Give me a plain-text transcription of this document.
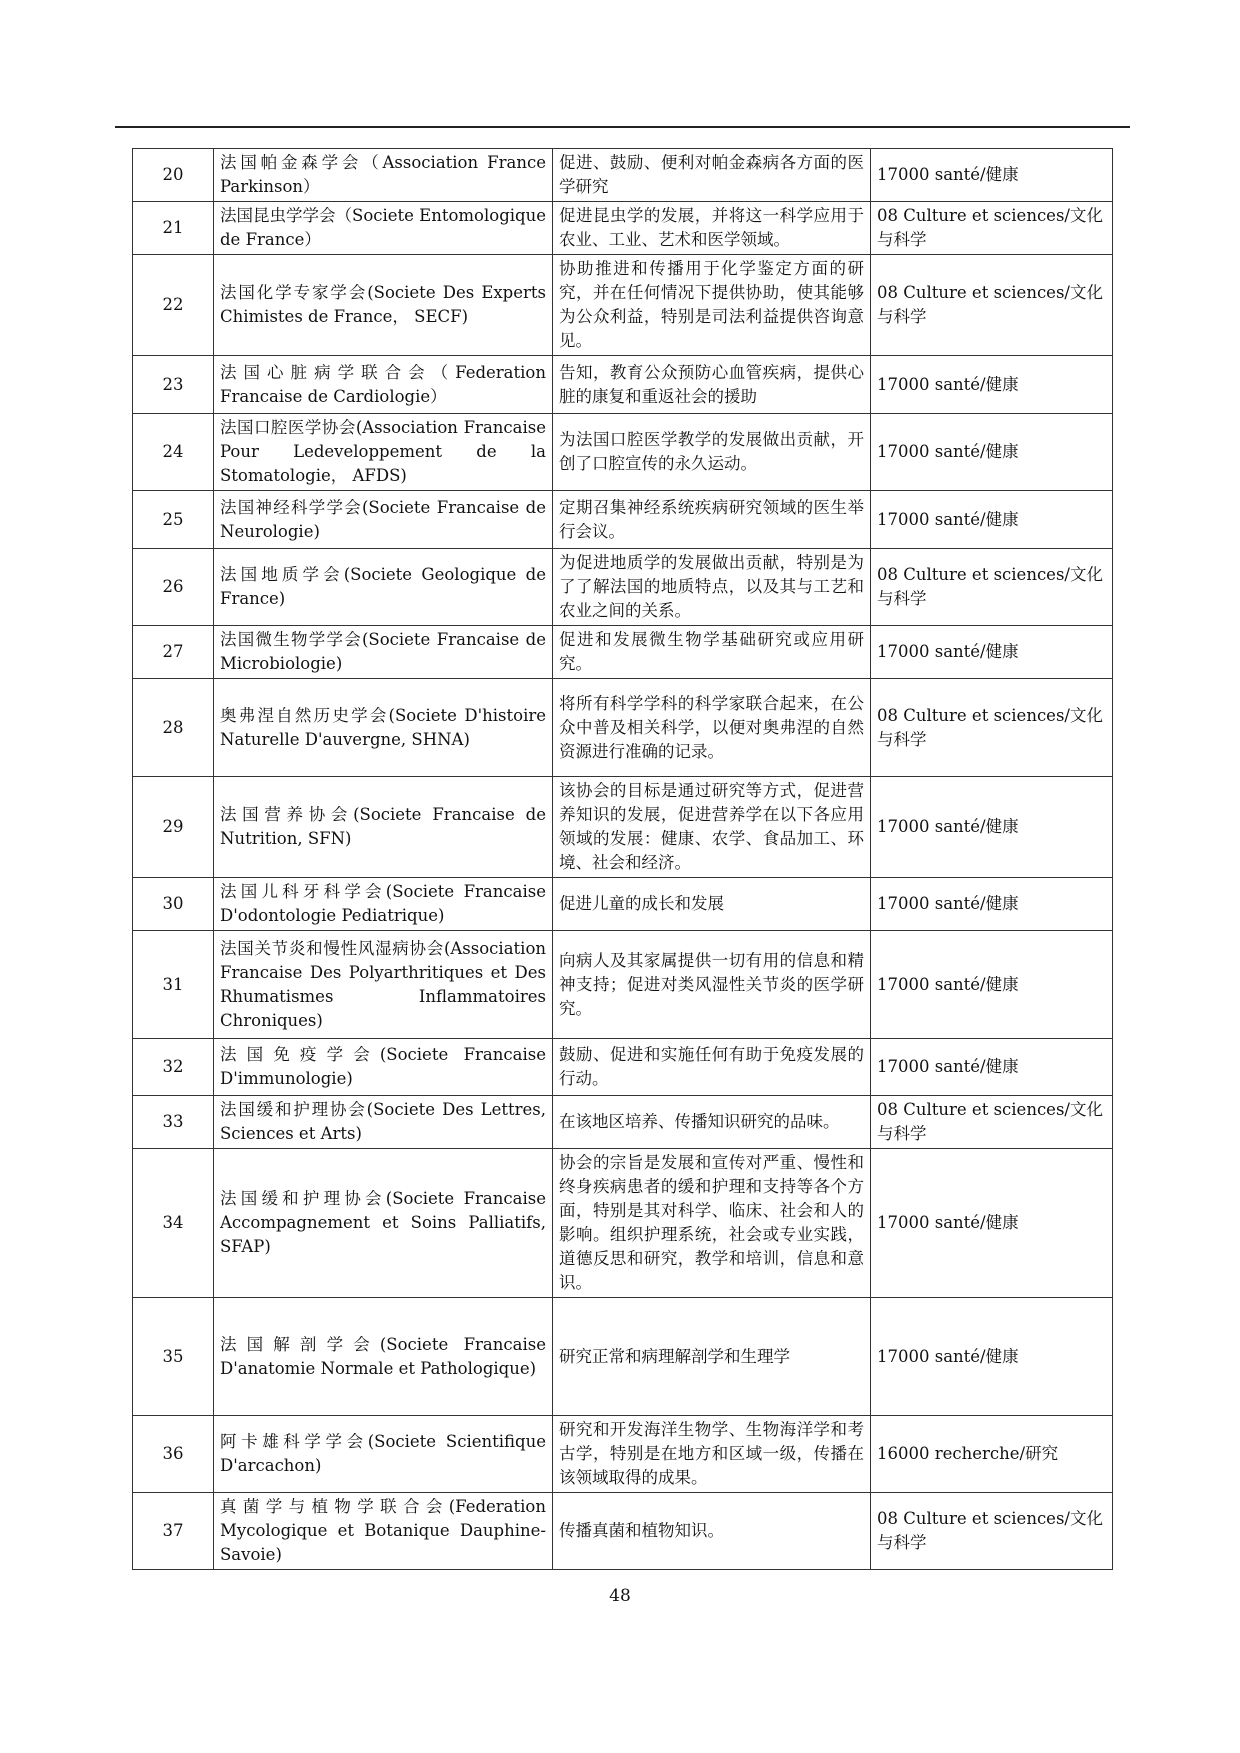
20	法国帕金森学会（Association France Parkinson）	促进、鼓励、便利对帕金森病各方面的医学研究	17000 santé/健康
21	法国昆虫学学会（Societe Entomologique de France）	促进昆虫学的发展，并将这一科学应用于农业、工业、艺术和医学领域。	08 Culture et sciences/文化与科学
22	法国化学专家学会(Societe Des Experts Chimistes de France， SECF)	协助推进和传播用于化学鉴定方面的研究，并在任何情况下提供协助，使其能够为公众利益，特别是司法利益提供咨询意见。	08 Culture et sciences/文化与科学
23	法国心脏病学联合会（Federation Francaise de Cardiologie）	告知，教育公众预防心血管疾病，提供心脏的康复和重返社会的援助	17000 santé/健康
24	法国口腔医学协会(Association Francaise Pour Ledeveloppement de la Stomatologie， AFDS)	为法国口腔医学教学的发展做出贡献，开创了口腔宣传的永久运动。	17000 santé/健康
25	法国神经科学学会(Societe Francaise de Neurologie)	定期召集神经系统疾病研究领域的医生举行会议。	17000 santé/健康
26	法国地质学会(Societe Geologique de France)	为促进地质学的发展做出贡献，特别是为了了解法国的地质特点，以及其与工艺和农业之间的关系。	08 Culture et sciences/文化与科学
27	法国微生物学学会(Societe Francaise de Microbiologie)	促进和发展微生物学基础研究或应用研究。	17000 santé/健康
28	奥弗涅自然历史学会(Societe D'histoire Naturelle D'auvergne, SHNA)	将所有科学学科的科学家联合起来，在公众中普及相关科学，以便对奥弗涅的自然资源进行准确的记录。	08 Culture et sciences/文化与科学
29	法国营养协会(Societe Francaise de Nutrition, SFN)	该协会的目标是通过研究等方式，促进营养知识的发展，促进营养学在以下各应用领域的发展：健康、农学、食品加工、环境、社会和经济。	17000 santé/健康
30	法国儿科牙科学会(Societe Francaise D'odontologie Pediatrique)	促进儿童的成长和发展	17000 santé/健康
31	法国关节炎和慢性风湿病协会(Association Francaise Des Polyarthritiques et Des Rhumatismes Inflammatoires Chroniques)	向病人及其家属提供一切有用的信息和精神支持；促进对类风湿性关节炎的医学研究。	17000 santé/健康
32	法国免疫学会(Societe Francaise D'immunologie)	鼓励、促进和实施任何有助于免疫发展的行动。	17000 santé/健康
33	法国缓和护理协会(Societe Des Lettres, Sciences et Arts)	在该地区培养、传播知识研究的品味。	08 Culture et sciences/文化与科学
34	法国缓和护理协会(Societe Francaise Accompagnement et Soins Palliatifs, SFAP)	协会的宗旨是发展和宣传对严重、慢性和终身疾病患者的缓和护理和支持等各个方面，特别是其对科学、临床、社会和人的影响。组织护理系统，社会或专业实践，道德反思和研究，教学和培训，信息和意识。	17000 santé/健康
35	法国解剖学会(Societe Francaise D'anatomie Normale et Pathologique)	研究正常和病理解剖学和生理学	17000 santé/健康
36	阿卡雄科学学会(Societe Scientifique D'arcachon)	研究和开发海洋生物学、生物海洋学和考古学，特别是在地方和区域一级，传播在该领域取得的成果。	16000 recherche/研究
37	真菌学与植物学联合会(Federation Mycologique et Botanique Dauphine-Savoie)	传播真菌和植物知识。	08 Culture et sciences/文化与科学
48
